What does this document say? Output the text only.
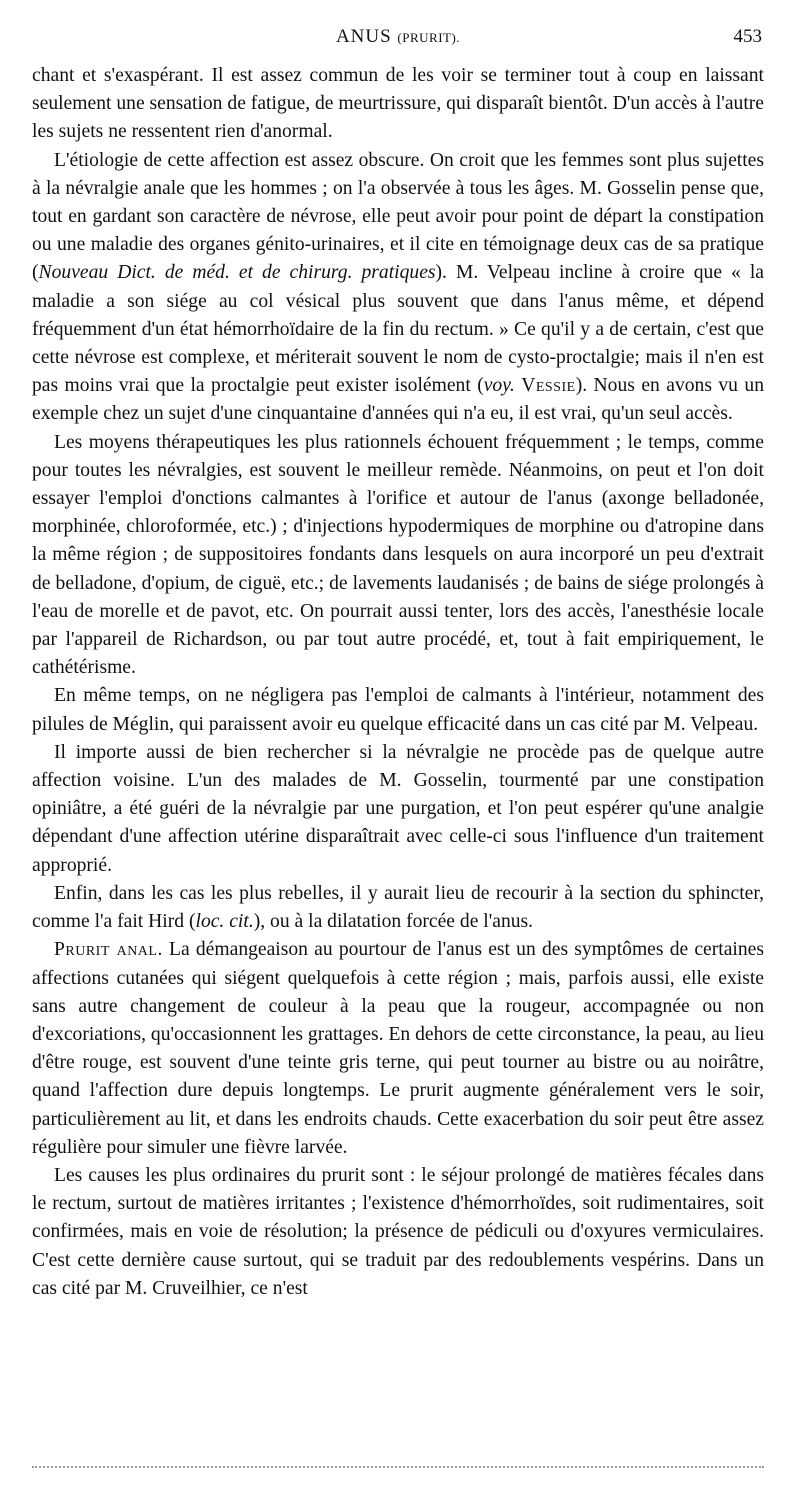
ANUS (PRURIT).	453

chant et s'exaspérant. Il est assez commun de les voir se terminer tout à coup en laissant seulement une sensation de fatigue, de meurtrissure, qui disparaît bientôt. D'un accès à l'autre les sujets ne ressentent rien d'anormal.

L'étiologie de cette affection est assez obscure. On croit que les femmes sont plus sujettes à la névralgie anale que les hommes ; on l'a observée à tous les âges. M. Gosselin pense que, tout en gardant son caractère de névrose, elle peut avoir pour point de départ la constipation ou une maladie des organes génito-urinaires, et il cite en témoignage deux cas de sa pratique (Nouveau Dict. de méd. et de chirurg. pratiques). M. Velpeau incline à croire que « la maladie a son siége au col vésical plus souvent que dans l'anus même, et dépend fréquemment d'un état hémorrhoïdaire de la fin du rectum. » Ce qu'il y a de certain, c'est que cette névrose est complexe, et mériterait souvent le nom de cysto-proctalgie; mais il n'en est pas moins vrai que la proctalgie peut exister isolément (voy. Vessie). Nous en avons vu un exemple chez un sujet d'une cinquantaine d'années qui n'a eu, il est vrai, qu'un seul accès.

Les moyens thérapeutiques les plus rationnels échouent fréquemment ; le temps, comme pour toutes les névralgies, est souvent le meilleur remède. Néanmoins, on peut et l'on doit essayer l'emploi d'onctions calmantes à l'orifice et autour de l'anus (axonge belladonée, morphinée, chloroformée, etc.) ; d'injections hypodermiques de morphine ou d'atropine dans la même région ; de suppositoires fondants dans lesquels on aura incorporé un peu d'extrait de belladone, d'opium, de ciguë, etc.; de lavements laudanisés ; de bains de siége prolongés à l'eau de morelle et de pavot, etc. On pourrait aussi tenter, lors des accès, l'anesthésie locale par l'appareil de Richardson, ou par tout autre procédé, et, tout à fait empiriquement, le cathétérisme.

En même temps, on ne négligera pas l'emploi de calmants à l'intérieur, notamment des pilules de Méglin, qui paraissent avoir eu quelque efficacité dans un cas cité par M. Velpeau.

Il importe aussi de bien rechercher si la névralgie ne procède pas de quelque autre affection voisine. L'un des malades de M. Gosselin, tourmenté par une constipation opiniâtre, a été guéri de la névralgie par une purgation, et l'on peut espérer qu'une analgie dépendant d'une affection utérine disparaîtrait avec celle-ci sous l'influence d'un traitement approprié.

Enfin, dans les cas les plus rebelles, il y aurait lieu de recourir à la section du sphincter, comme l'a fait Hird (loc. cit.), ou à la dilatation forcée de l'anus.

Prurit anal. La démangeaison au pourtour de l'anus est un des symptômes de certaines affections cutanées qui siégent quelquefois à cette région ; mais, parfois aussi, elle existe sans autre changement de couleur à la peau que la rougeur, accompagnée ou non d'excoriations, qu'occasionnent les grattages. En dehors de cette circonstance, la peau, au lieu d'être rouge, est souvent d'une teinte gris terne, qui peut tourner au bistre ou au noirâtre, quand l'affection dure depuis longtemps. Le prurit augmente généralement vers le soir, particulièrement au lit, et dans les endroits chauds. Cette exacerbation du soir peut être assez régulière pour simuler une fièvre larvée.

Les causes les plus ordinaires du prurit sont : le séjour prolongé de matières fécales dans le rectum, surtout de matières irritantes ; l'existence d'hémorrhoïdes, soit rudimentaires, soit confirmées, mais en voie de résolution; la présence de pédiculi ou d'oxyures vermiculaires. C'est cette dernière cause surtout, qui se traduit par des redoublements vespérins. Dans un cas cité par M. Cruveilhier, ce n'est
